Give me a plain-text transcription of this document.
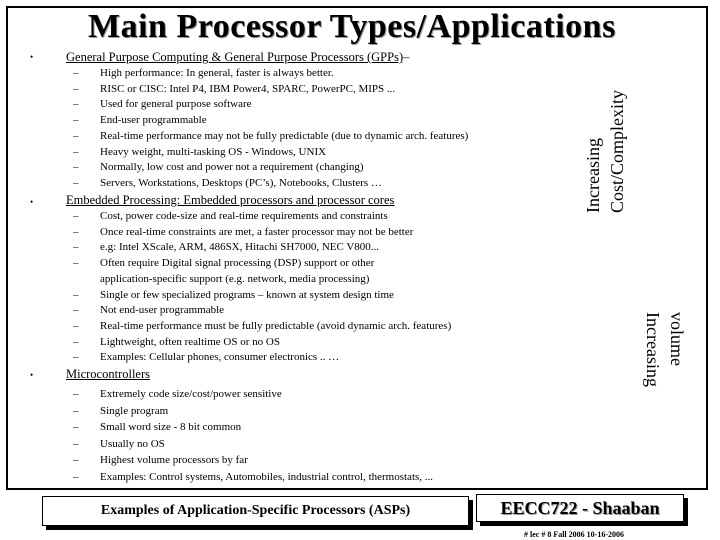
Main Processor Types/Applications
•	General Purpose Computing & General Purpose Processors (GPPs)–
– High performance: In general, faster is always better.
– RISC or CISC: Intel P4, IBM Power4, SPARC, PowerPC, MIPS ...
– Used for general purpose software
– End-user programmable
– Real-time performance may not be fully predictable (due to dynamic arch. features)
– Heavy weight, multi-tasking OS - Windows, UNIX
– Normally, low cost and power not a requirement (changing)
– Servers, Workstations, Desktops (PC’s), Notebooks, Clusters …
•	Embedded Processing: Embedded processors and processor cores
– Cost, power code-size and real-time requirements and constraints
– Once real-time constraints are met, a faster processor may not be better
– e.g: Intel XScale, ARM, 486SX, Hitachi SH7000, NEC V800...
– Often require Digital signal processing (DSP) support or other
application-specific support (e.g. network, media processing)
– Single or few specialized programs – known at system design time
– Not end-user programmable
– Real-time performance must be fully predictable (avoid dynamic arch. features)
– Lightweight, often realtime OS or no OS
– Examples: Cellular phones, consumer electronics .. …
•	Microcontrollers
– Extremely code size/cost/power sensitive
– Single program
– Small word size - 8 bit common
– Usually no OS
– Highest volume processors by far
– Examples: Control systems, Automobiles, industrial control, thermostats, ...
Increasing Cost/Complexity
Increasing volume
Examples of Application-Specific Processors (ASPs)	EECC722 - Shaaban
# lec # 8 Fall 2006 10-16-2006
